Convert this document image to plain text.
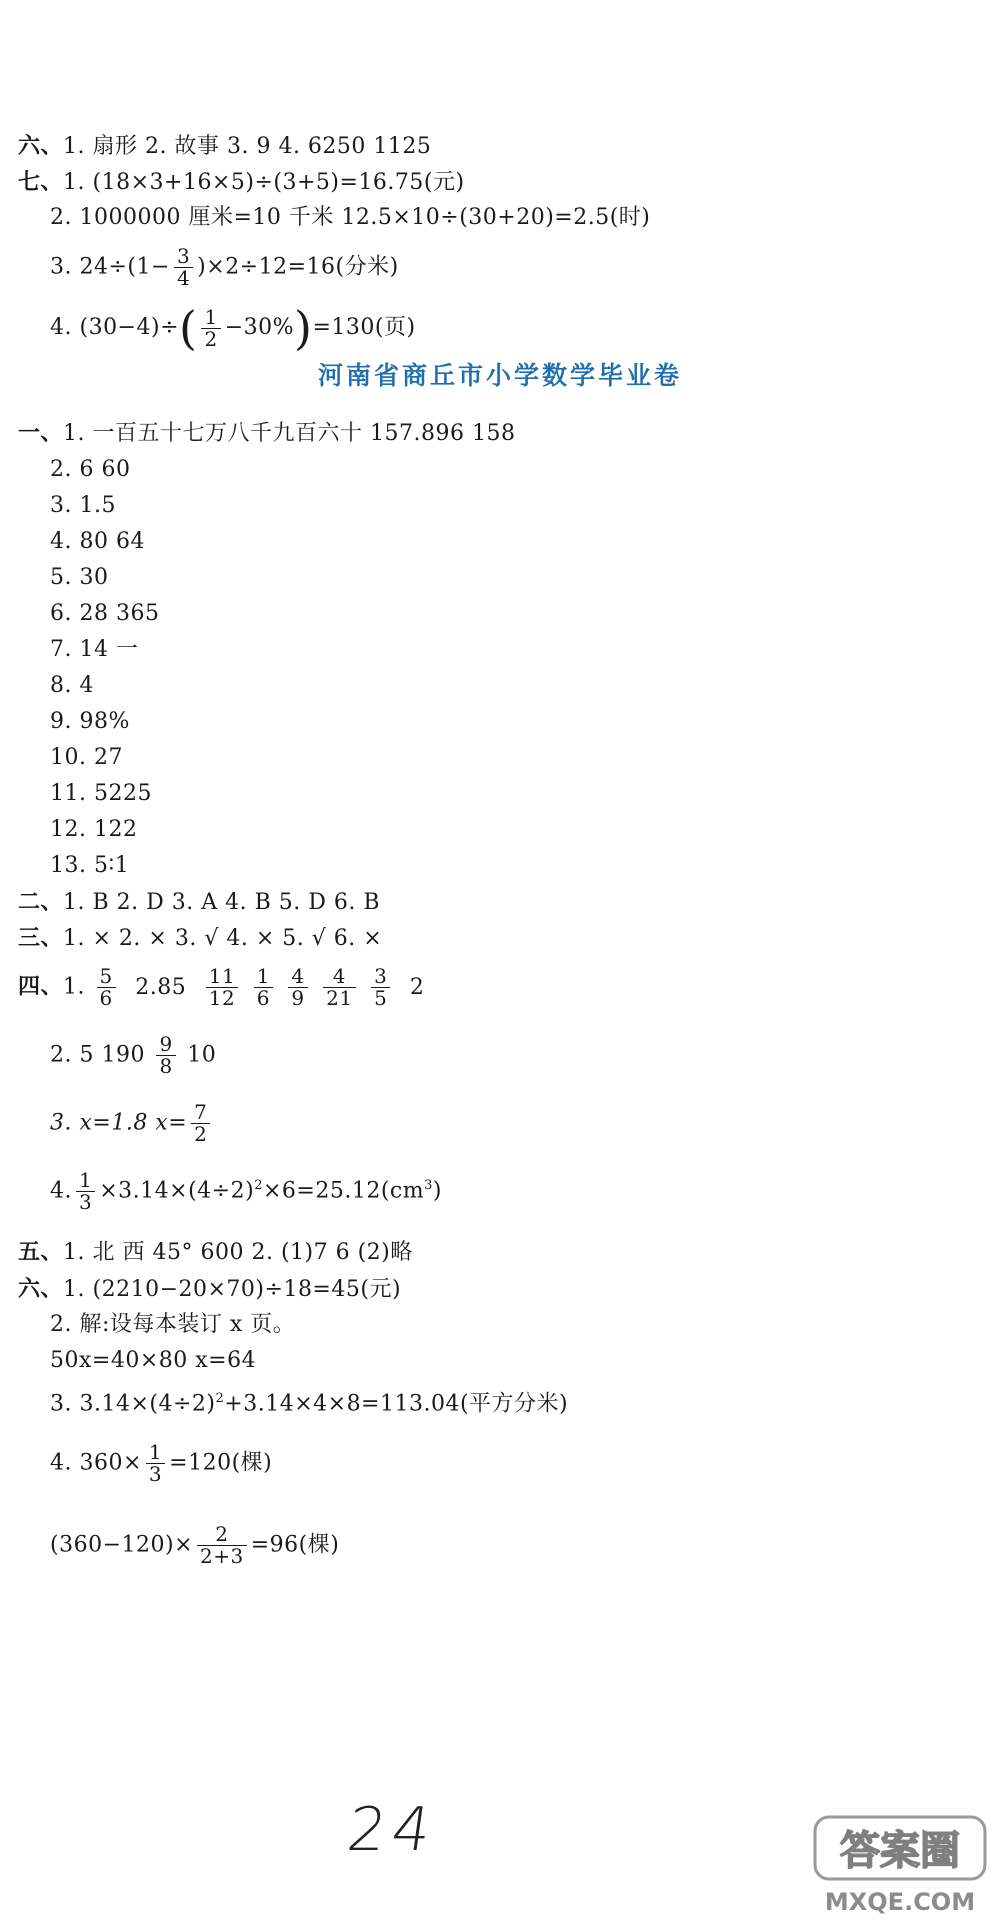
六、1. 扇形 2. 故事 3. 9 4. 6250 1125
七、1. (18×3+16×5)÷(3+5)=16.75(元)
2. 1000000 厘米=10 千米 12.5×10÷(30+20)=2.5(时)
3. $24\div(1- \frac{3}{4} )\times 2\div 12=16$(分米)
4. $(30-4)\div( \frac{1}{2} -30\%)=130$(页)
河南省商丘市小学数学毕业卷
一、1. 一百五十七万八千九百六十 157.896 158
2. 6 60
3. 1.5
4. 80 64
5. 30
6. 28 365
7. 14 一
8. 4
9. 98%
10. 27
11. 5225
12. 122
13. 5∶1
二、1. B 2. D 3. A 4. B 5. D 6. B
三、1. × 2. × 3. √ 4. × 5. √ 6. ×
四、1. $\frac{5}{6} 2.85 \frac{11}{12}$
$\frac{1}{6}$
$\frac{4}{9}$
$\frac{4}{21}$
$\frac{3}{5} 2$
2. 5 $190 \frac{9}{8} 10$
3. x=1.8 $x= \frac{7}{2}$
4. $\frac{1}{3} \times 3.14\times(4\div 2)^2\times 6=25.12(cm^3)$
五、1. 北 西 45° 600 2. (1)7 6 (2)略
六、1. (2210−20×70)÷18=45(元)
2. 解:设每本装订 x 页。
50x=40×80 x=64
3. $3.14\times(4\div 2)^2+3.14\times 4\times 8=113.04$(平方分米)
4. $360\times \frac{1}{3} =120$(棵)
$(360-120)\times \frac{2}{2+3} =96$(棵)
24	答案圈
MXQE.COM
